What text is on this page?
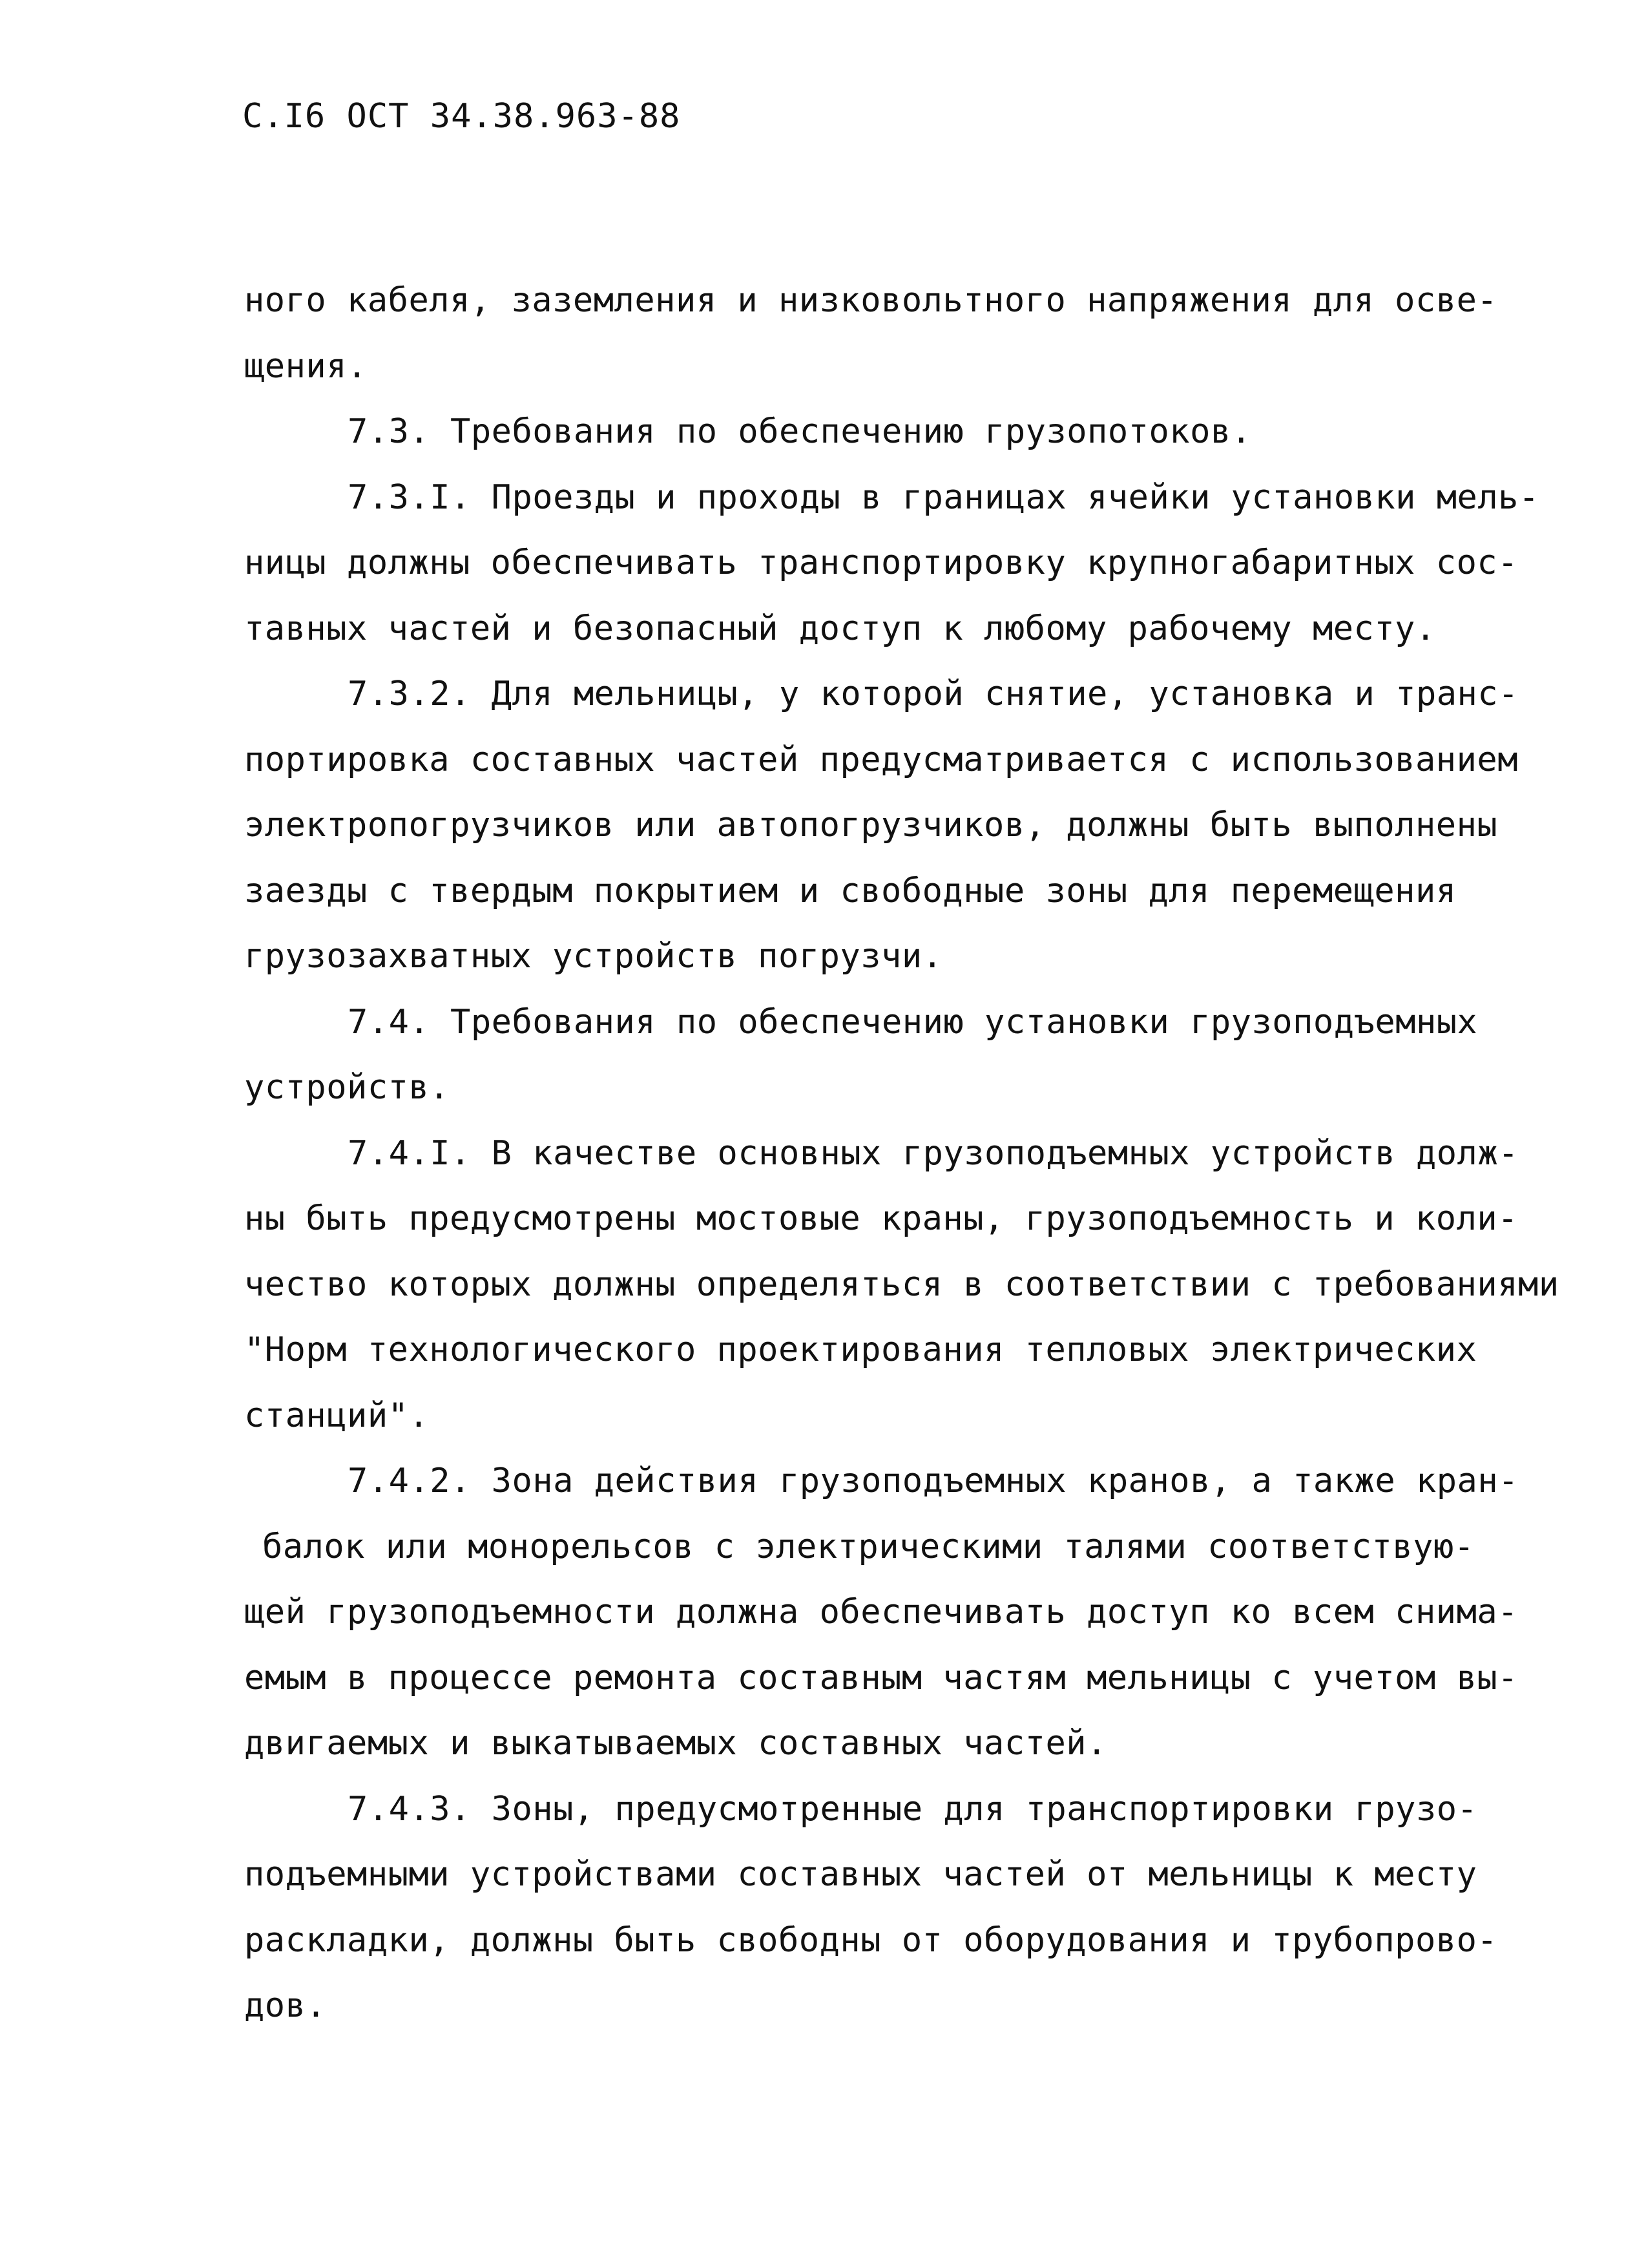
С.I6 ОСТ 34.38.963-88
ного кабеля, заземления и низковольтного напряжения для осве-
щения.
7.3. Требования по обеспечению грузопотоков.
7.3.I. Проезды и проходы в границах ячейки установки мель-
ницы должны обеспечивать транспортировку крупногабаритных сос-
тавных частей и безопасный доступ к любому рабочему месту.
7.3.2. Для мельницы, у которой снятие, установка и транс-
портировка составных частей предусматривается с использованием
электропогрузчиков или автопогрузчиков, должны быть выполнены
заезды с твердым покрытием и свободные зоны для перемещения
грузозахватных устройств погрузчи.
7.4. Требования по обеспечению установки грузоподъемных
устройств.
7.4.I. В качестве основных грузоподъемных устройств долж-
ны быть предусмотрены мостовые краны, грузоподъемность и коли-
чество которых должны определяться в соответствии с требованиями
"Норм технологического проектирования тепловых электрических
станций".
7.4.2. Зона действия грузоподъемных кранов, а также кран-
балок или монорельсов с электрическими талями соответствую-
щей грузоподъемности должна обеспечивать доступ ко всем снима-
емым в процессе ремонта составным частям мельницы с учетом вы-
двигаемых и выкатываемых составных частей.
7.4.3. Зоны, предусмотренные для транспортировки грузо-
подъемными устройствами составных частей от мельницы к месту
раскладки, должны быть свободны от оборудования и трубопрово-
дов.
